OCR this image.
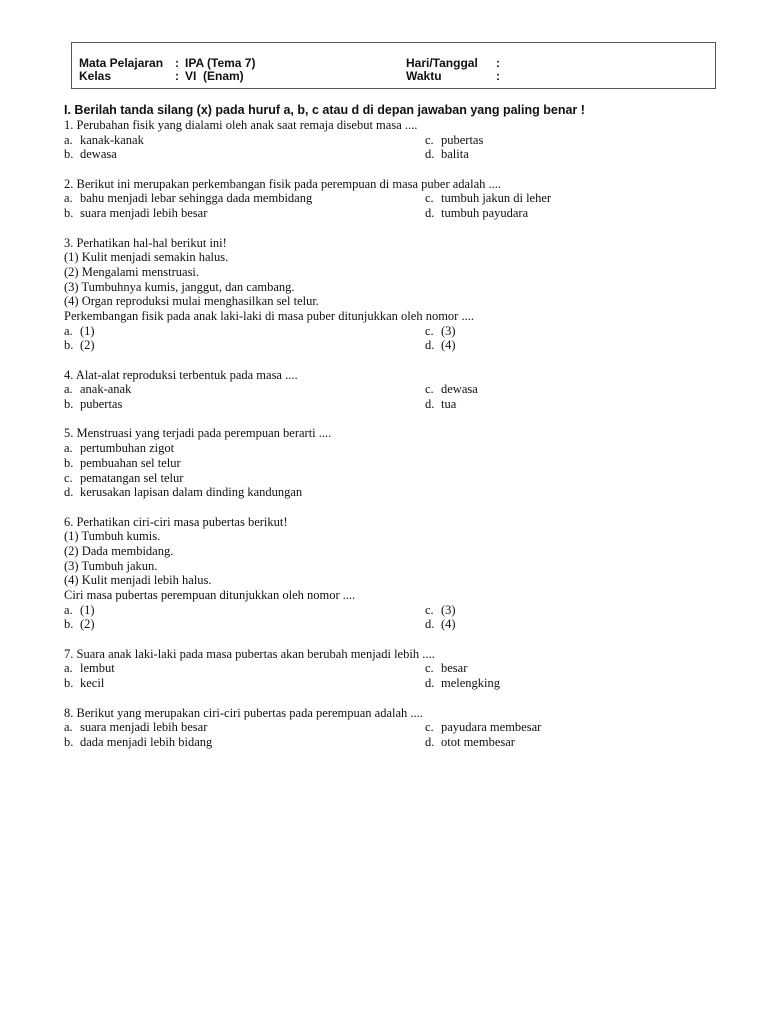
Mata Pelajaran : IPA (Tema 7)	Hari/Tanggal :
Kelas	: VI  (Enam)	Waktu	:
I. Berilah tanda silang (x) pada huruf a, b, c atau d di depan jawaban yang paling benar !
1. Perubahan fisik yang dialami oleh anak saat remaja disebut masa ....
a. kanak-kanak	c. pubertas
b. dewasa	d. balita
2. Berikut ini merupakan perkembangan fisik pada perempuan di masa puber adalah ....
a. bahu menjadi lebar sehingga dada membidang	c. tumbuh jakun di leher
b. suara menjadi lebih besar	d. tumbuh payudara
3. Perhatikan hal-hal berikut ini!
(1) Kulit menjadi semakin halus.
(2) Mengalami menstruasi.
(3) Tumbuhnya kumis, janggut, dan cambang.
(4) Organ reproduksi mulai menghasilkan sel telur.
Perkembangan fisik pada anak laki-laki di masa puber ditunjukkan oleh nomor ....
a. (1)	c. (3)
b. (2)	d. (4)
4. Alat-alat reproduksi terbentuk pada masa ....
a. anak-anak	c. dewasa
b. pubertas	d. tua
5. Menstruasi yang terjadi pada perempuan berarti ....
a. pertumbuhan zigot
b. pembuahan sel telur
c. pematangan sel telur
d. kerusakan lapisan dalam dinding kandungan
6. Perhatikan ciri-ciri masa pubertas berikut!
(1) Tumbuh kumis.
(2) Dada membidang.
(3) Tumbuh jakun.
(4) Kulit menjadi lebih halus.
Ciri masa pubertas perempuan ditunjukkan oleh nomor ....
a. (1)	c. (3)
b. (2)	d. (4)
7. Suara anak laki-laki pada masa pubertas akan berubah menjadi lebih ....
a. lembut	c. besar
b. kecil	d. melengking
8. Berikut yang merupakan ciri-ciri pubertas pada perempuan adalah ....
a. suara menjadi lebih besar	c. payudara membesar
b. dada menjadi lebih bidang	d. otot membesar
